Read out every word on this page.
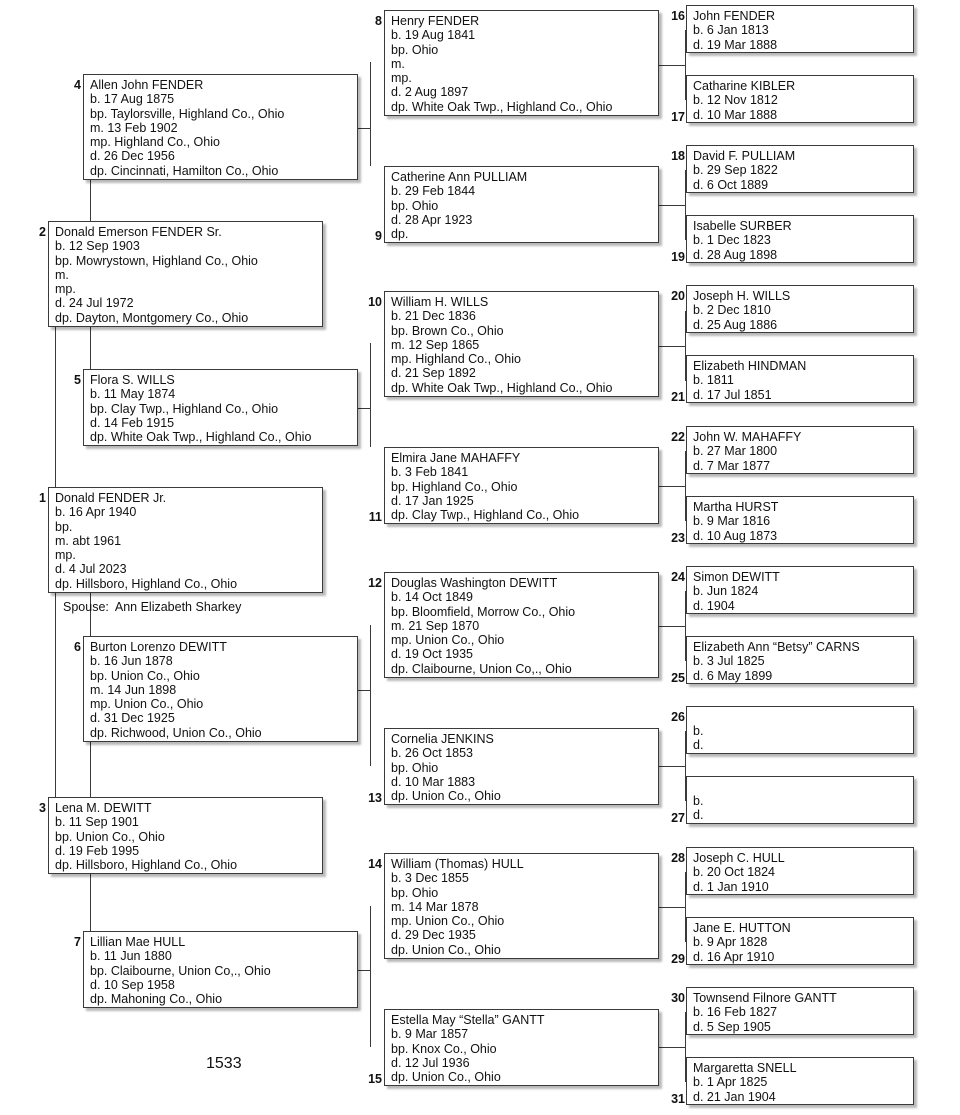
1 Donald FENDER Jr.
b. 16 Apr 1940
bp.
m. abt 1961
mp.
d. 4 Jul 2023
dp. Hillsboro, Highland Co., Ohio
Spouse: Ann Elizabeth Sharkey
2 Donald Emerson FENDER Sr.
b. 12 Sep 1903
bp. Mowrystown, Highland Co., Ohio
m.
mp.
d. 24 Jul 1972
dp. Dayton, Montgomery Co., Ohio
3 Lena M. DEWITT
b. 11 Sep 1901
bp. Union Co., Ohio
d. 19 Feb 1995
dp. Hillsboro, Highland Co., Ohio
4 Allen John FENDER
b. 17 Aug 1875
bp. Taylorsville, Highland Co., Ohio
m. 13 Feb 1902
mp. Highland Co., Ohio
d. 26 Dec 1956
dp. Cincinnati, Hamilton Co., Ohio
5 Flora S. WILLS
b. 11 May 1874
bp. Clay Twp., Highland Co., Ohio
d. 14 Feb 1915
dp. White Oak Twp., Highland Co., Ohio
6 Burton Lorenzo DEWITT
b. 16 Jun 1878
bp. Union Co., Ohio
m. 14 Jun 1898
mp. Union Co., Ohio
d. 31 Dec 1925
dp. Richwood, Union Co., Ohio
7 Lillian Mae HULL
b. 11 Jun 1880
bp. Claibourne, Union Co,., Ohio
d. 10 Sep 1958
dp. Mahoning Co., Ohio
8 Henry FENDER
b. 19 Aug 1841
bp. Ohio
m.
mp.
d. 2 Aug 1897
dp. White Oak Twp., Highland Co., Ohio
9
Catherine Ann PULLIAM
b. 29 Feb 1844
bp. Ohio
d. 28 Apr 1923
dp.
10 William H. WILLS
b. 21 Dec 1836
bp. Brown Co., Ohio
m. 12 Sep 1865
mp. Highland Co., Ohio
d. 21 Sep 1892
dp. White Oak Twp., Highland Co., Ohio
11
Elmira Jane MAHAFFY
b. 3 Feb 1841
bp. Highland Co., Ohio
d. 17 Jan 1925
dp. Clay Twp., Highland Co., Ohio
12 Douglas Washington DEWITT
b. 14 Oct 1849
bp. Bloomfield, Morrow Co., Ohio
m. 21 Sep 1870
mp. Union Co., Ohio
d. 19 Oct 1935
dp. Claibourne, Union Co,., Ohio
13
Cornelia JENKINS
b. 26 Oct 1853
bp. Ohio
d. 10 Mar 1883
dp. Union Co., Ohio
14 William (Thomas) HULL
b. 3 Dec 1855
bp. Ohio
m. 14 Mar 1878
mp. Union Co., Ohio
d. 29 Dec 1935
dp. Union Co., Ohio
15
Estella May “Stella” GANTT
b. 9 Mar 1857
bp. Knox Co., Ohio
d. 12 Jul 1936
dp. Union Co., Ohio
16 John FENDER
b. 6 Jan 1813
d. 19 Mar 1888
17
Catharine KIBLER
b. 12 Nov 1812
d. 10 Mar 1888
18 David F. PULLIAM
b. 29 Sep 1822
d. 6 Oct 1889
19
Isabelle SURBER
b. 1 Dec 1823
d. 28 Aug 1898
20 Joseph H. WILLS
b. 2 Dec 1810
d. 25 Aug 1886
21
Elizabeth HINDMAN
b. 1811
d. 17 Jul 1851
22 John W. MAHAFFY
b. 27 Mar 1800
d. 7 Mar 1877
23
Martha HURST
b. 9 Mar 1816
d. 10 Aug 1873
24 Simon DEWITT
b. Jun 1824
d. 1904
25
Elizabeth Ann “Betsy” CARNS
b. 3 Jul 1825
d. 6 May 1899
26
b.
d.
27
b.
d.
28 Joseph C. HULL
b. 20 Oct 1824
d. 1 Jan 1910
29
Jane E. HUTTON
b. 9 Apr 1828
d. 16 Apr 1910
30 Townsend Filnore GANTT
b. 16 Feb 1827
d. 5 Sep 1905
31
Margaretta SNELL
b. 1 Apr 1825
d. 21 Jan 1904
1533
